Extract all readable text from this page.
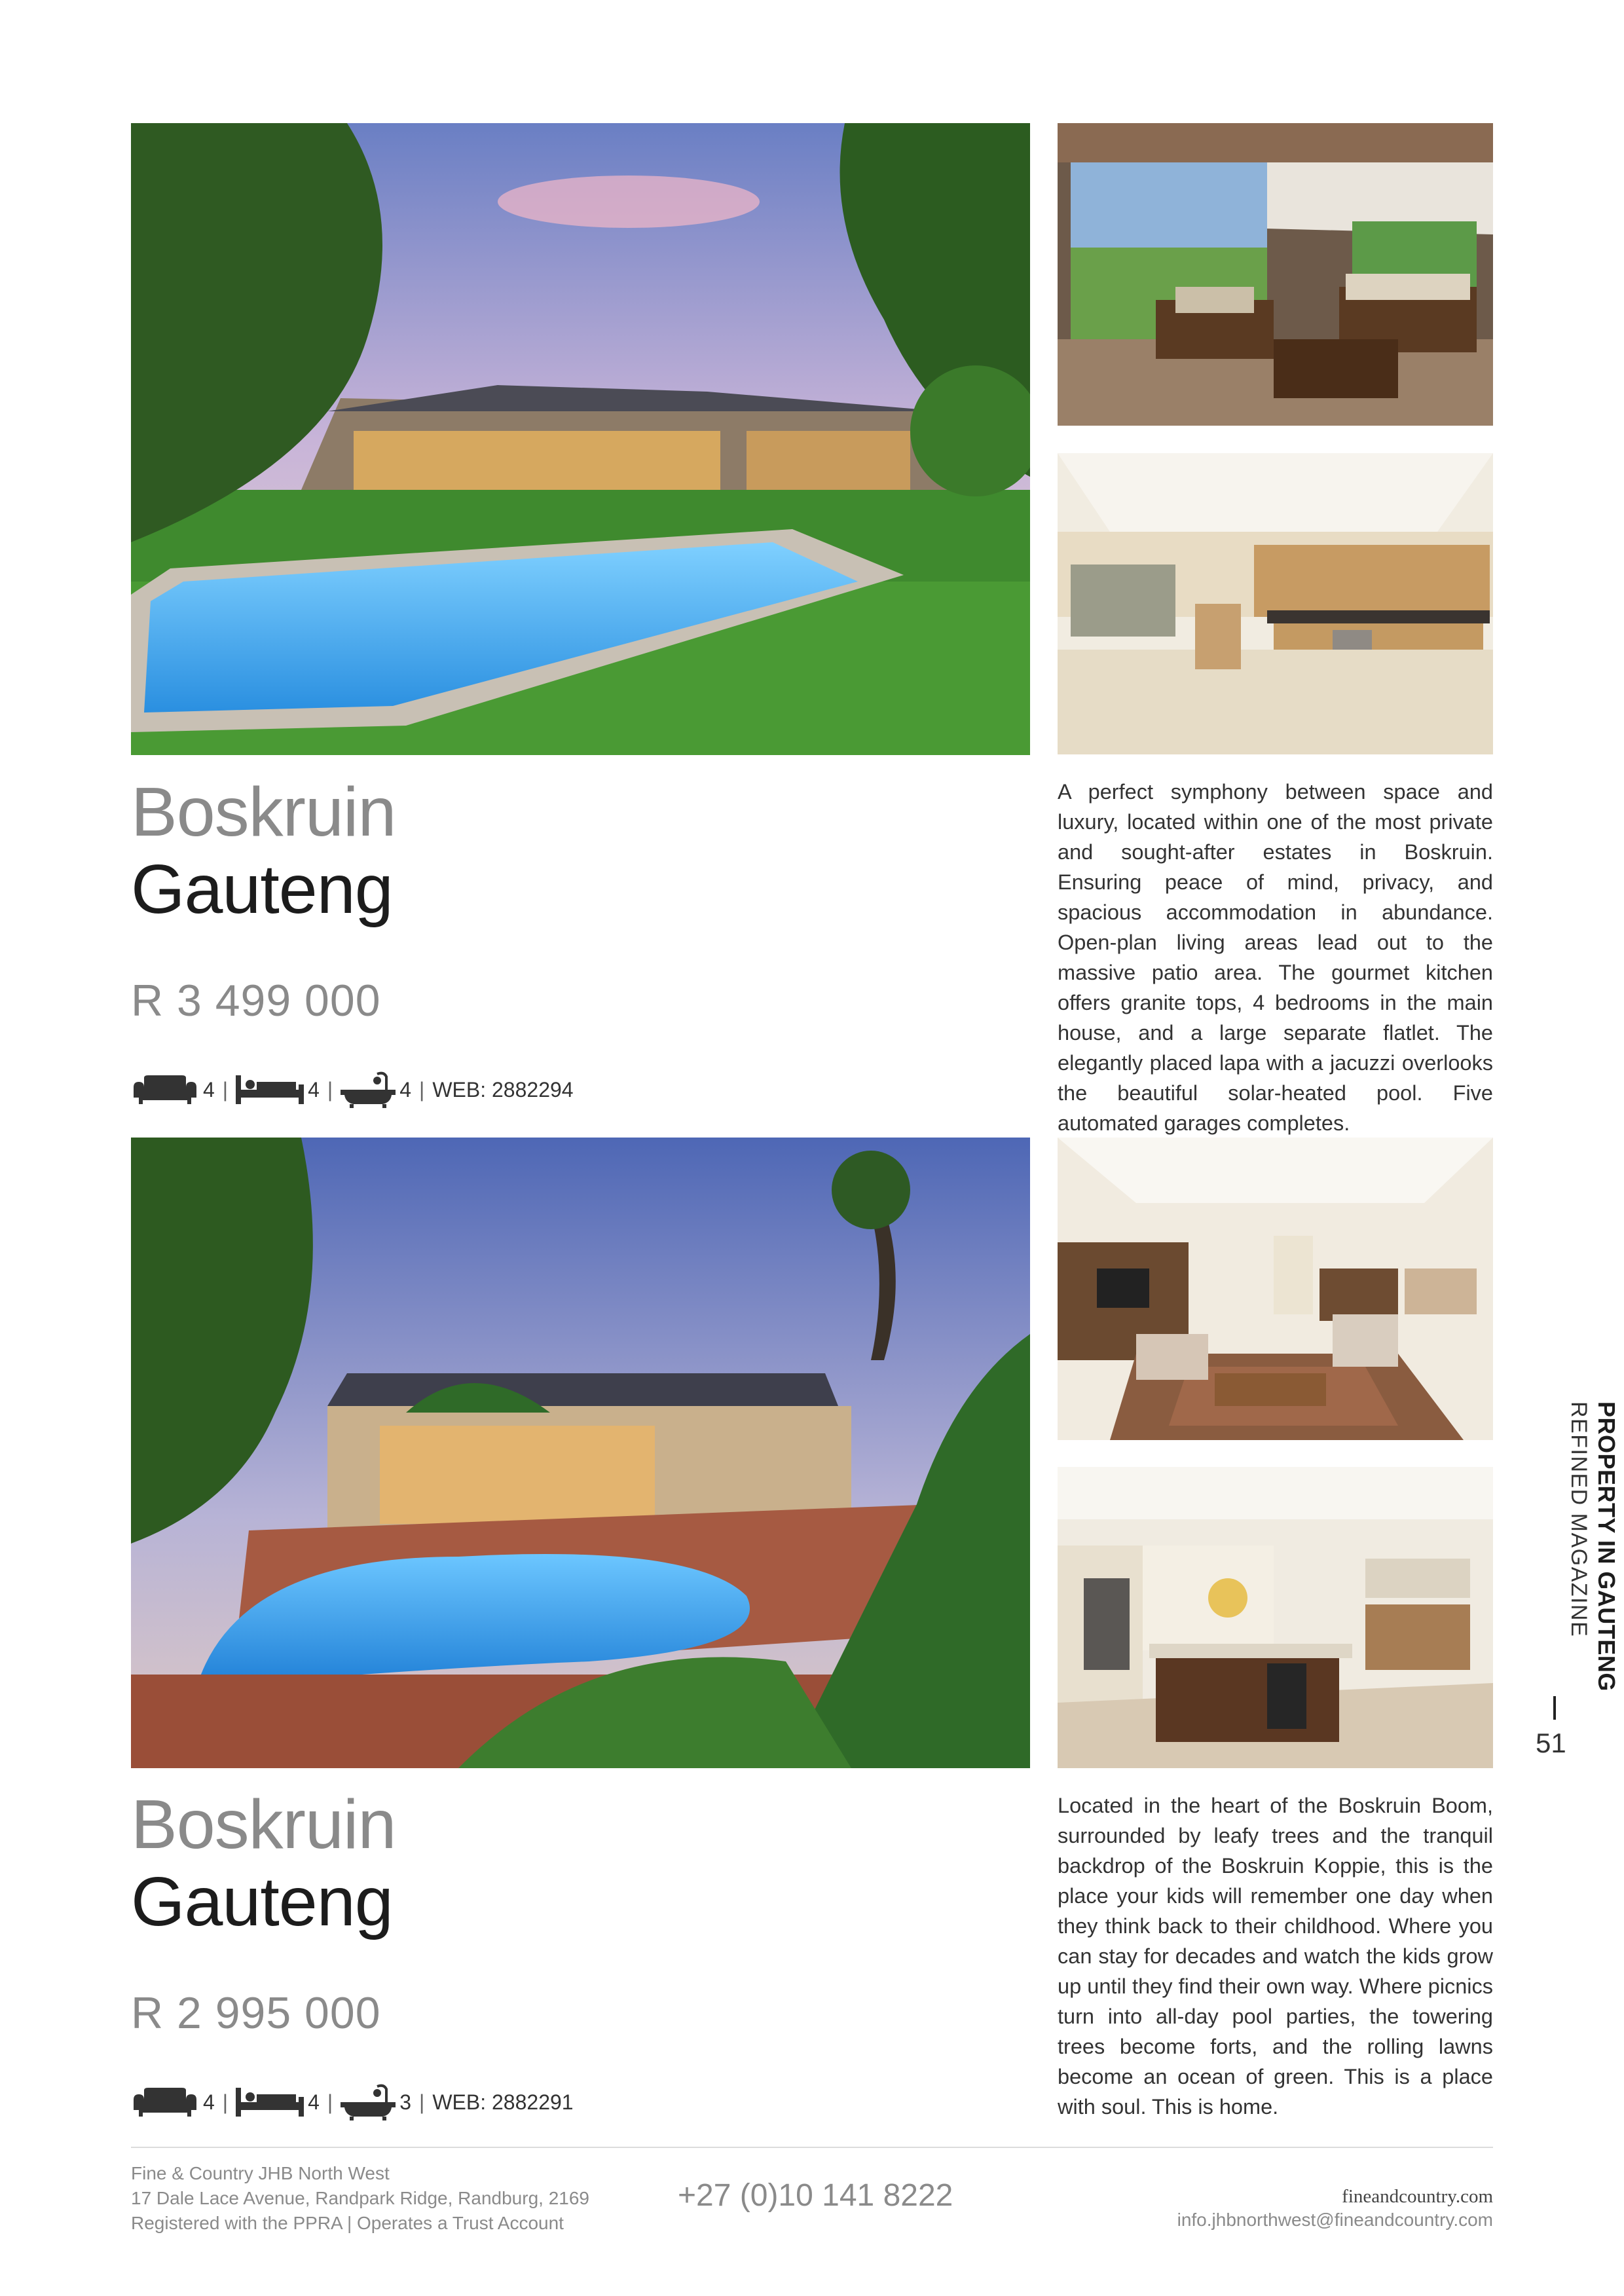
Boskruin
Gauteng
R 3 499 000
4 |	4 |	4 | WEB: 2882294
A perfect symphony between space and luxury, located within one of the most private and sought-after estates in Boskruin. Ensuring peace of mind, privacy, and spacious accommodation in abundance. Open-plan living areas lead out to the massive patio area. The gourmet kitchen offers granite tops, 4 bedrooms in the main house, and a large separate flatlet. The elegantly placed lapa with a jacuzzi overlooks the beautiful solar-heated pool. Five automated garages completes.
Boskruin
Gauteng
R 2 995 000
4 |	4 |	3 | WEB: 2882291
Located in the heart of the Boskruin Boom, surrounded by leafy trees and the tranquil backdrop of the Boskruin Koppie, this is the place your kids will remember one day when they think back to their childhood. Where you can stay for decades and watch the kids grow up until they find their own way. Where picnics turn into all-day pool parties, the towering trees become forts, and the rolling lawns become an ocean of green. This is a place with soul. This is home.
PROPERTY IN GAUTENG
REFINED MAGAZINE
51
Fine & Country JHB North West
17 Dale Lace Avenue, Randpark Ridge, Randburg, 2169
Registered with the PPRA | Operates a Trust Account
+27 (0)10 141 8222	fineandcountry.com
info.jhbnorthwest@fineandcountry.com
